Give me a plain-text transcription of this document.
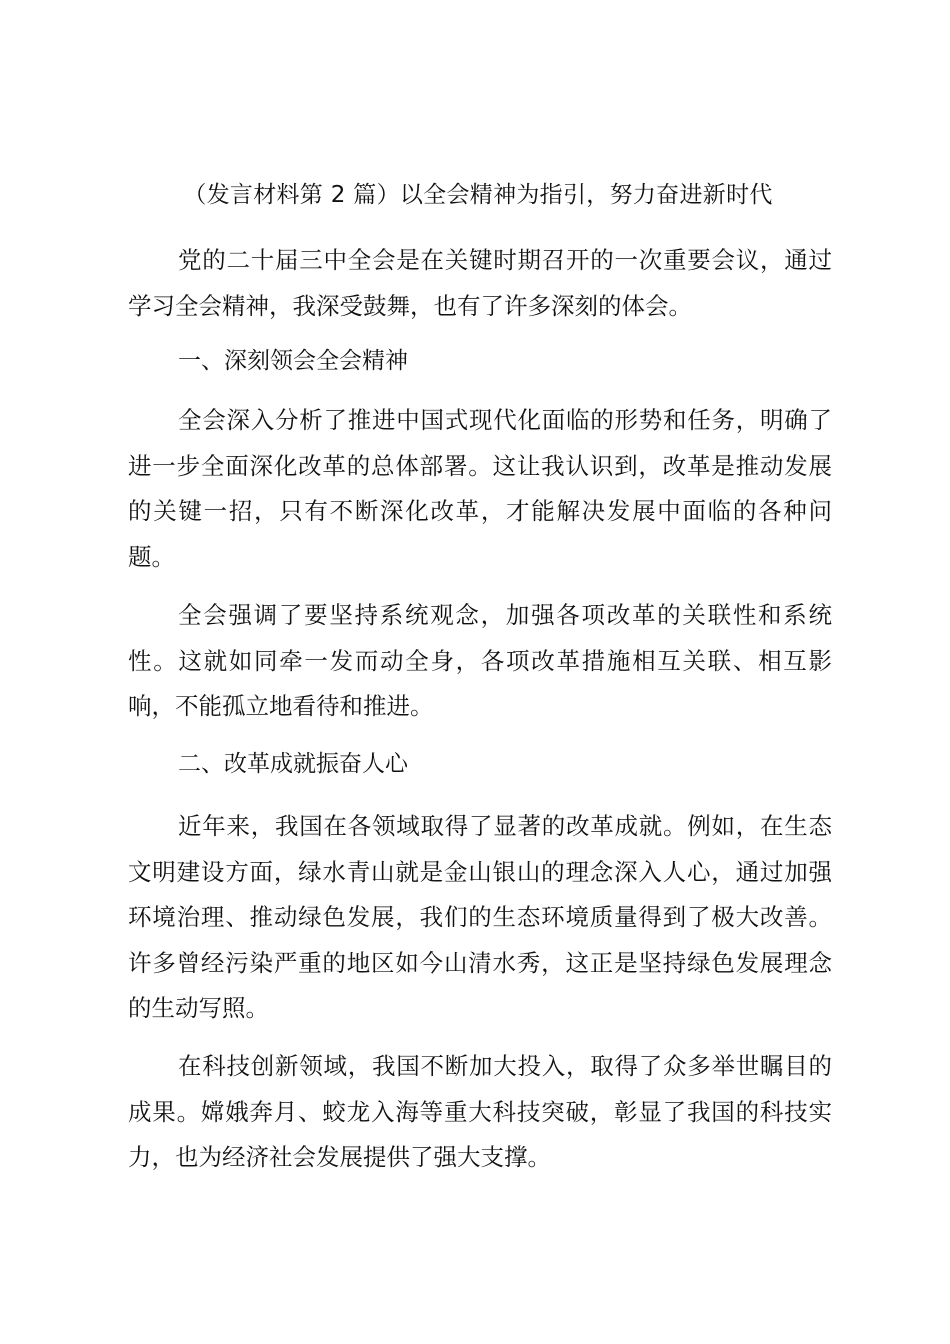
（发言材料第 2 篇）以全会精神为指引，努力奋进新时代

党的二十届三中全会是在关键时期召开的一次重要会议，通过学习全会精神，我深受鼓舞，也有了许多深刻的体会。

一、深刻领会全会精神

全会深入分析了推进中国式现代化面临的形势和任务，明确了进一步全面深化改革的总体部署。这让我认识到，改革是推动发展的关键一招，只有不断深化改革，才能解决发展中面临的各种问题。

全会强调了要坚持系统观念，加强各项改革的关联性和系统性。这就如同牵一发而动全身，各项改革措施相互关联、相互影响，不能孤立地看待和推进。

二、改革成就振奋人心

近年来，我国在各领域取得了显著的改革成就。例如，在生态文明建设方面，绿水青山就是金山银山的理念深入人心，通过加强环境治理、推动绿色发展，我们的生态环境质量得到了极大改善。许多曾经污染严重的地区如今山清水秀，这正是坚持绿色发展理念的生动写照。

在科技创新领域，我国不断加大投入，取得了众多举世瞩目的成果。嫦娥奔月、蛟龙入海等重大科技突破，彰显了我国的科技实力，也为经济社会发展提供了强大支撑。
